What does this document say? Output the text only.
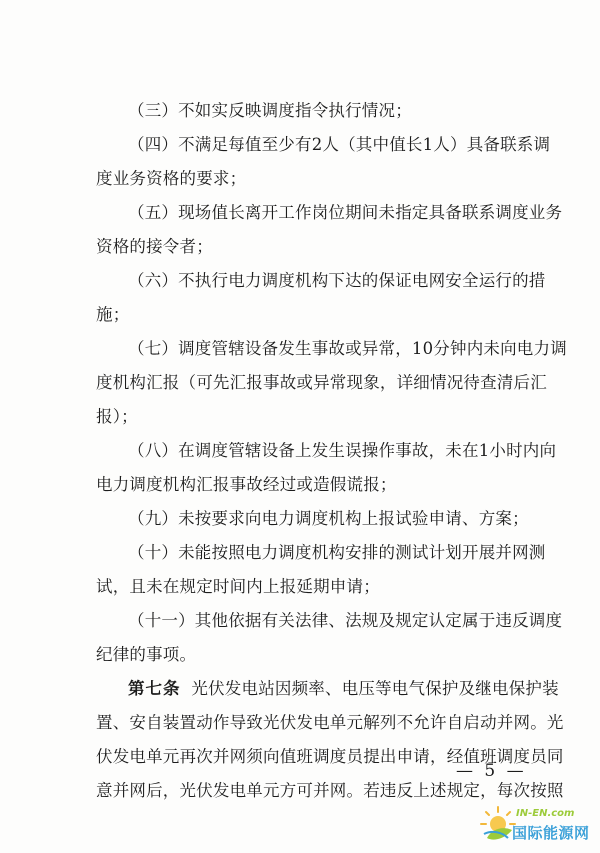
（三）不如实反映调度指令执行情况；
（四）不满足每值至少有2人（其中值长1人）具备联系调
度业务资格的要求；
（五）现场值长离开工作岗位期间未指定具备联系调度业务
资格的接令者；
（六）不执行电力调度机构下达的保证电网安全运行的措
施；
（七）调度管辖设备发生事故或异常，10分钟内未向电力调
度机构汇报（可先汇报事故或异常现象，详细情况待查清后汇
报）；
（八）在调度管辖设备上发生误操作事故，未在1小时内向
电力调度机构汇报事故经过或造假谎报；
（九）未按要求向电力调度机构上报试验申请、方案；
（十）未能按照电力调度机构安排的测试计划开展并网测
试，且未在规定时间内上报延期申请；
（十一）其他依据有关法律、法规及规定认定属于违反调度
纪律的事项。
第七条 光伏发电站因频率、电压等电气保护及继电保护装
置、安自装置动作导致光伏发电单元解列不允许自启动并网。光
伏发电单元再次并网须向值班调度员提出申请，经值班调度员同
意并网后，光伏发电单元方可并网。若违反上述规定，每次按照
— 5 —
IN-EN.com
国际能源网
